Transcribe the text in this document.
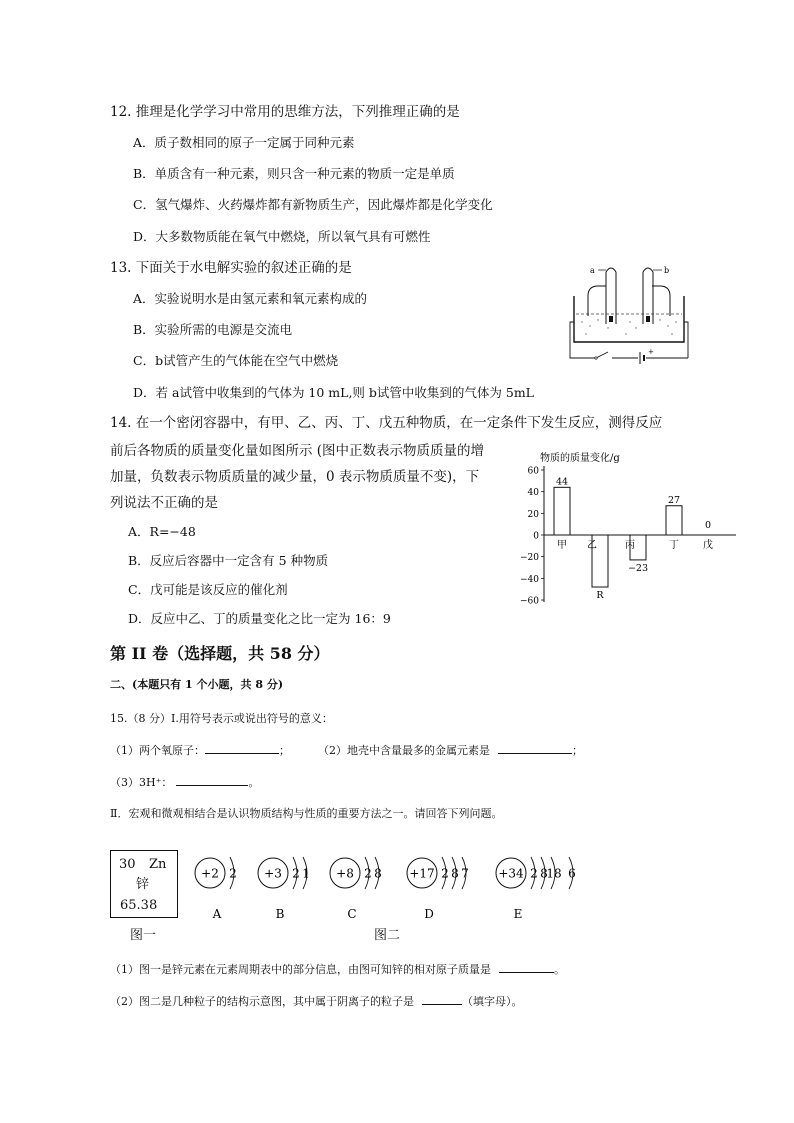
12. 推理是化学学习中常用的思维方法，下列推理正确的是
A．质子数相同的原子一定属于同种元素
B．单质含有一种元素，则只含一种元素的物质一定是单质
C．氢气爆炸、火药爆炸都有新物质生产，因此爆炸都是化学变化
D．大多数物质能在氧气中燃烧，所以氧气具有可燃性
13. 下面关于水电解实验的叙述正确的是
A．实验说明水是由氢元素和氧元素构成的
B．实验所需的电源是交流电
C．b试管产生的气体能在空气中燃烧
D．若 a试管中收集到的气体为 10 mL,则 b试管中收集到的气体为 5mL
a	b
+
14. 在一个密闭容器中，有甲、乙、丙、丁、戊五种物质，在一定条件下发生反应，测得反应
前后各物质的质量变化量如图所示 (图中正数表示物质质量的增
加量，负数表示物质质量的减少量，0 表示物质质量不变)，下
列说法不正确的是
A．R=−48
B．反应后容器中一定含有 5 种物质
C．戊可能是该反应的催化剂
D．反应中乙、丁的质量变化之比一定为 16：9
物质的质量变化/g
60
40
20
0
−20
−40
−60
甲
44
乙
R
丙
−23
丁
27
戊
0
第 II 卷（选择题，共 58 分）
二、(本题只有 1 个小题，共 8 分)
15.（8 分）Ⅰ.用符号表示或说出符号的意义：
（1）两个氧原子：	；	（2）地壳中含量最多的金属元素是	；
（3）3H⁺：	。
Ⅱ．宏观和微观相结合是认识物质结构与性质的重要方法之一。请回答下列问题。
30 Zn
锌
65.38
图一
+2 2
A
+3 2 1
B
+8 2 8
C
+17 2 8 7
D
+34 2 8
18 6
E
图二
（1）图一是锌元素在元素周期表中的部分信息，由图可知锌的相对原子质量是	。
（2）图二是几种粒子的结构示意图，其中属于阴离子的粒子是	（填字母）。
